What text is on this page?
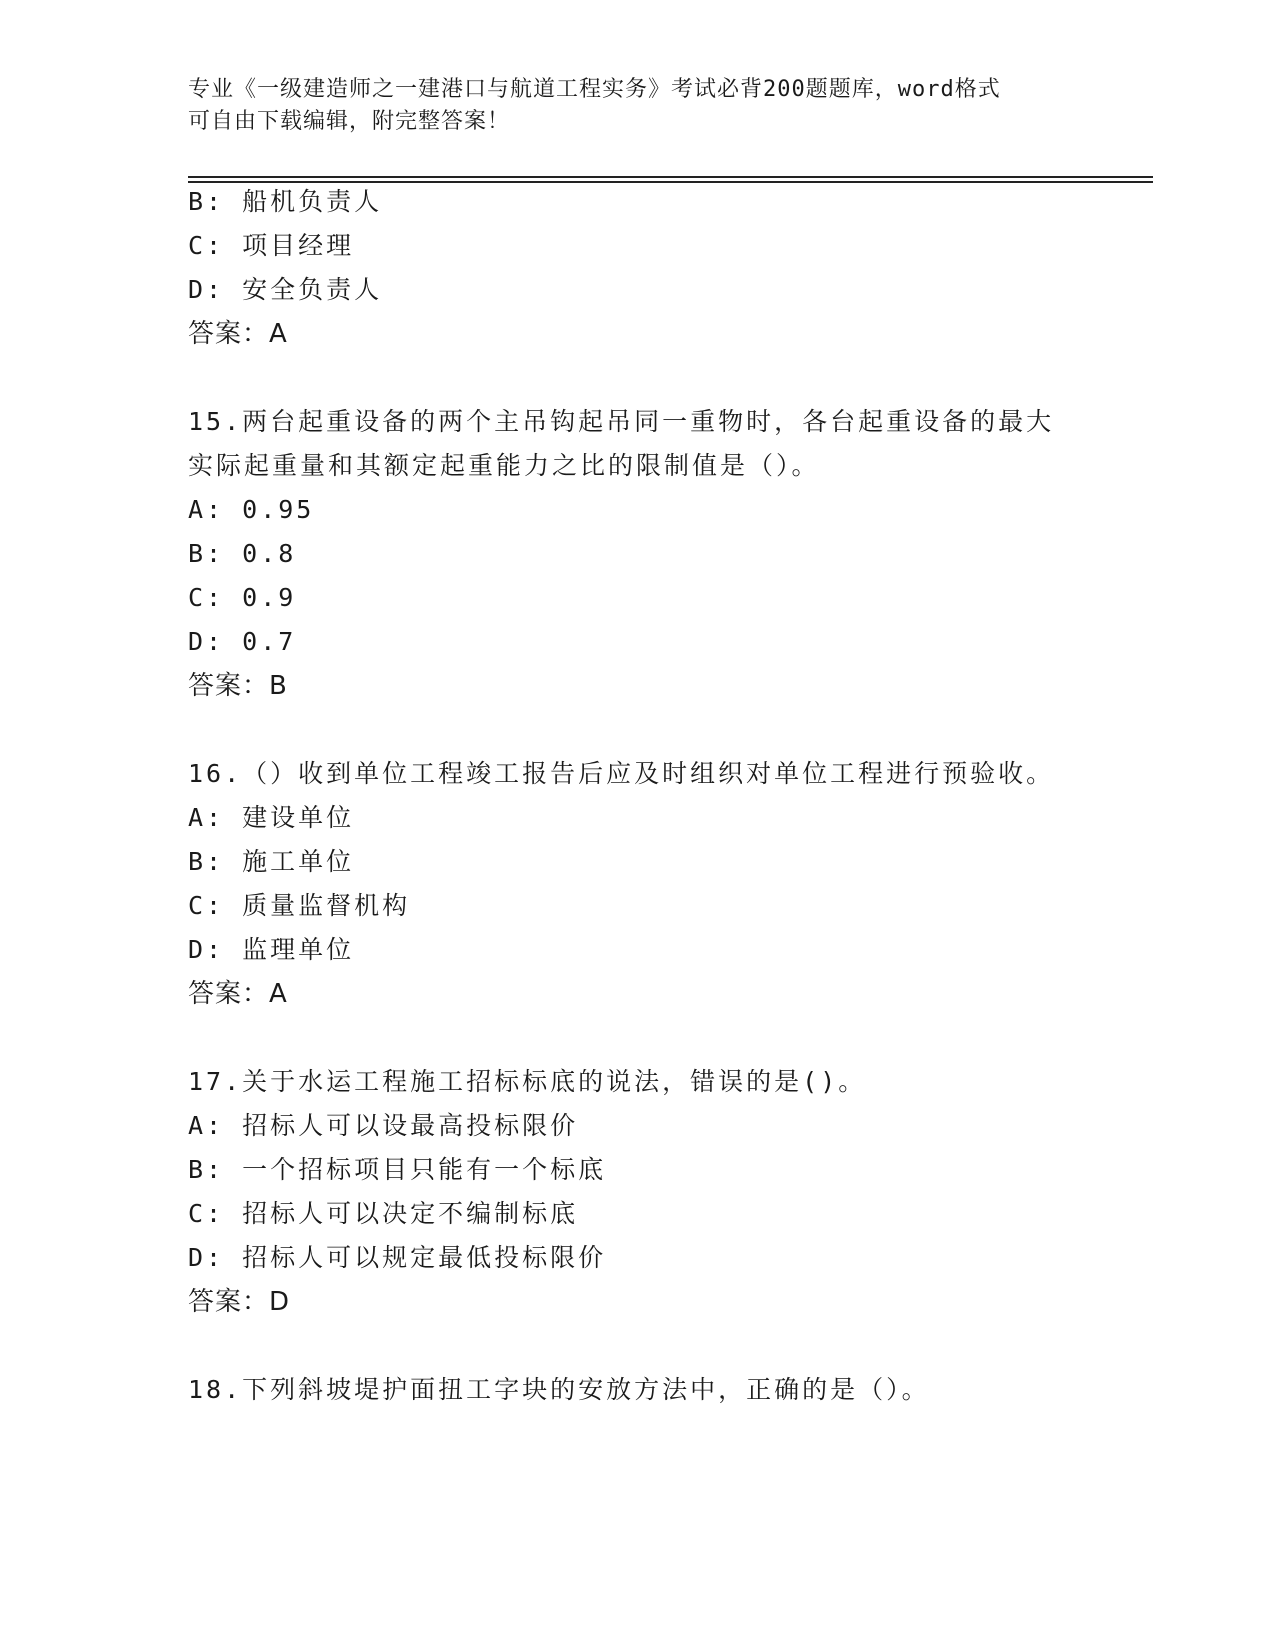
专业《一级建造师之一建港口与航道工程实务》考试必背200题题库，word格式
可自由下载编辑，附完整答案！
B: 船机负责人
C: 项目经理
D: 安全负责人
答案：A
15.两台起重设备的两个主吊钩起吊同一重物时，各台起重设备的最大
实际起重量和其额定起重能力之比的限制值是（）。
A: 0.95
B: 0.8
C: 0.9
D: 0.7
答案：B
16.（）收到单位工程竣工报告后应及时组织对单位工程进行预验收。
A: 建设单位
B: 施工单位
C: 质量监督机构
D: 监理单位
答案：A
17.关于水运工程施工招标标底的说法，错误的是()。
A: 招标人可以设最高投标限价
B: 一个招标项目只能有一个标底
C: 招标人可以决定不编制标底
D: 招标人可以规定最低投标限价
答案：D
18.下列斜坡堤护面扭工字块的安放方法中，正确的是（）。
